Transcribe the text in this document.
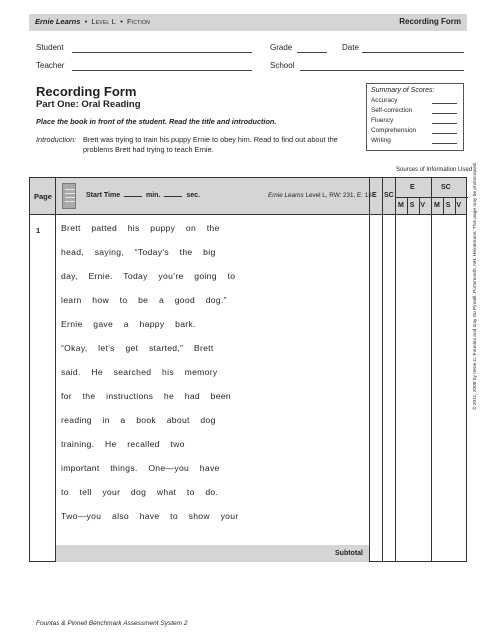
Ernie Learns  •  Level L  •  Fiction	Recording Form
Student	Grade	Date
Teacher	School
Recording Form
Part One: Oral Reading
Place the book in front of the student. Read the title and introduction.
Introduction: Brett was trying to train his puppy Ernie to obey him. Read to find out about the problems Brett had trying to teach Ernie.
Summary of Scores:
Accuracy
Self-correction
Fluency
Comprehension
Writing
Sources of Information Used
Page	Start Time	min.	sec.	Ernie Learns Level L, RW: 231, E: 13 E SC
E	SC
M S V M S V
1 Brett patted his puppy on the
head, saying, “Today’s the big
day, Ernie. Today you’re going to
learn how to be a good dog.”
Ernie gave a happy bark.
“Okay, let’s get started,” Brett
said. He searched his memory
for the instructions he had been
reading in a book about dog
training. He recalled two
important things. One—you have
to tell your dog what to do.
Two—you also have to show your
Subtotal
© 2011, 2008 by Irene C. Fountas and Gay Su Pinnell. Portsmouth, NH: Heinemann. This page may be photocopied.
Fountas & Pinnell Benchmark Assessment System 2
